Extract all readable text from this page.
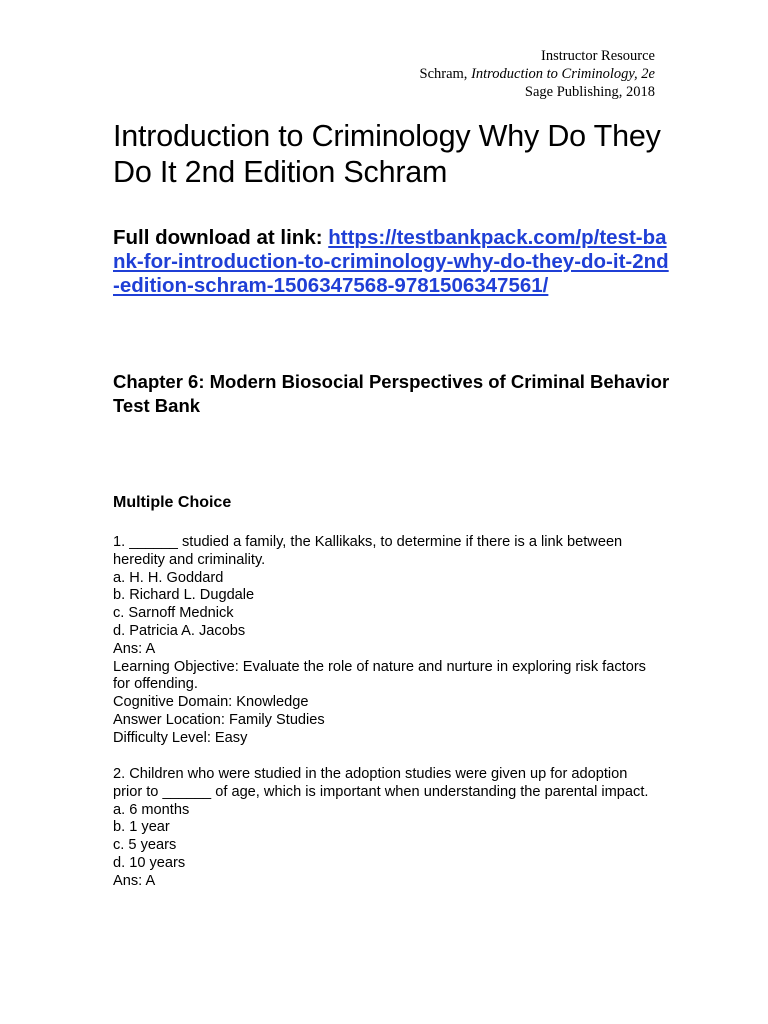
Instructor Resource
Schram, Introduction to Criminology, 2e
Sage Publishing, 2018
Introduction to Criminology Why Do They Do It 2nd Edition Schram
Full download at link: https://testbankpack.com/p/test-bank-for-introduction-to-criminology-why-do-they-do-it-2nd-edition-schram-1506347568-9781506347561/
Chapter 6: Modern Biosocial Perspectives of Criminal Behavior
Test Bank
Multiple Choice
1. ______ studied a family, the Kallikaks, to determine if there is a link between heredity and criminality.
a. H. H. Goddard
b. Richard L. Dugdale
c. Sarnoff Mednick
d. Patricia A. Jacobs
Ans: A
Learning Objective: Evaluate the role of nature and nurture in exploring risk factors for offending.
Cognitive Domain: Knowledge
Answer Location: Family Studies
Difficulty Level: Easy
2. Children who were studied in the adoption studies were given up for adoption prior to ______ of age, which is important when understanding the parental impact.
a. 6 months
b. 1 year
c. 5 years
d. 10 years
Ans: A
